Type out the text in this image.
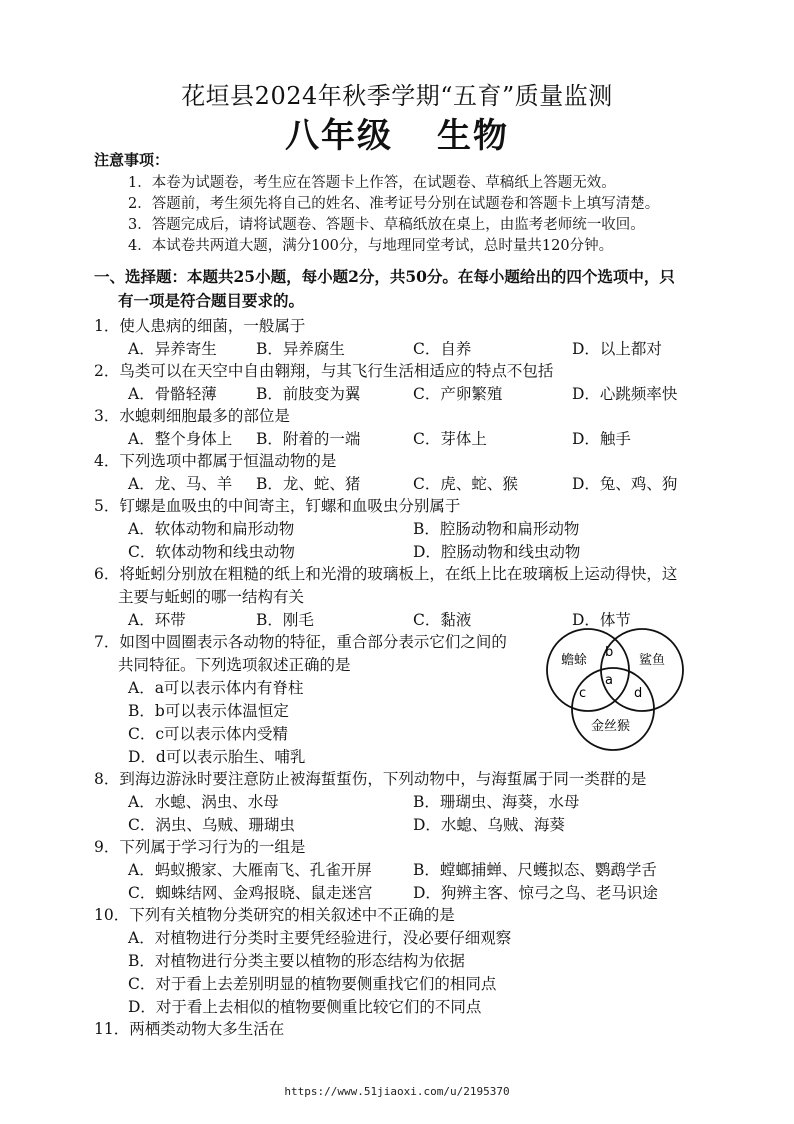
花垣县2024年秋季学期“五育”质量监测
八年级 生物
注意事项：
1．本卷为试题卷，考生应在答题卡上作答，在试题卷、草稿纸上答题无效。
2．答题前，考生须先将自己的姓名、准考证号分别在试题卷和答题卡上填写清楚。
3．答题完成后，请将试题卷、答题卡、草稿纸放在桌上，由监考老师统一收回。
4．本试卷共两道大题，满分100分，与地理同堂考试，总时量共120分钟。
一、选择题：本题共25小题，每小题2分，共50分。在每小题给出的四个选项中，只
有一项是符合题目要求的。
1．使人患病的细菌，一般属于
A．异养寄生	B．异养腐生	C．自养	D．以上都对
2．鸟类可以在天空中自由翱翔，与其飞行生活相适应的特点不包括
A．骨骼轻薄	B．前肢变为翼	C．产卵繁殖	D．心跳频率快
3．水螅刺细胞最多的部位是
A．整个身体上 B．附着的一端	C．芽体上	D．触手
4．下列选项中都属于恒温动物的是
A．龙、马、羊 B．龙、蛇、猪	C．虎、蛇、猴	D．兔、鸡、狗
5．钉螺是血吸虫的中间寄主，钉螺和血吸虫分别属于
A．软体动物和扁形动物	B．腔肠动物和扁形动物
C．软体动物和线虫动物	D．腔肠动物和线虫动物
6．将蚯蚓分别放在粗糙的纸上和光滑的玻璃板上，在纸上比在玻璃板上运动得快，这
主要与蚯蚓的哪一结构有关
A．环带	B．刚毛	C．黏液	D．体节
7．如图中圆圈表示各动物的特征，重合部分表示它们之间的
共同特征。下列选项叙述正确的是
A．a可以表示体内有脊柱
B．b可以表示体温恒定
C．c可以表示体内受精
D．d可以表示胎生、哺乳
蟾蜍	鲨鱼
金丝猴
a
b
c	d
8．到海边游泳时要注意防止被海蜇蜇伤，下列动物中，与海蜇属于同一类群的是
A．水螅、涡虫、水母	B．珊瑚虫、海葵，水母
C．涡虫、乌贼、珊瑚虫	D．水螅、乌贼、海葵
9．下列属于学习行为的一组是
A．蚂蚁搬家、大雁南飞、孔雀开屏	B．螳螂捕蝉、尺蠖拟态、鹦鹉学舌
C．蜘蛛结网、金鸡报晓、鼠走迷宫	D．狗辨主客、惊弓之鸟、老马识途
10．下列有关植物分类研究的相关叙述中不正确的是
A．对植物进行分类时主要凭经验进行，没必要仔细观察
B．对植物进行分类主要以植物的形态结构为依据
C．对于看上去差别明显的植物要侧重找它们的相同点
D．对于看上去相似的植物要侧重比较它们的不同点
11．两栖类动物大多生活在
https://www.51jiaoxi.com/u/2195370
